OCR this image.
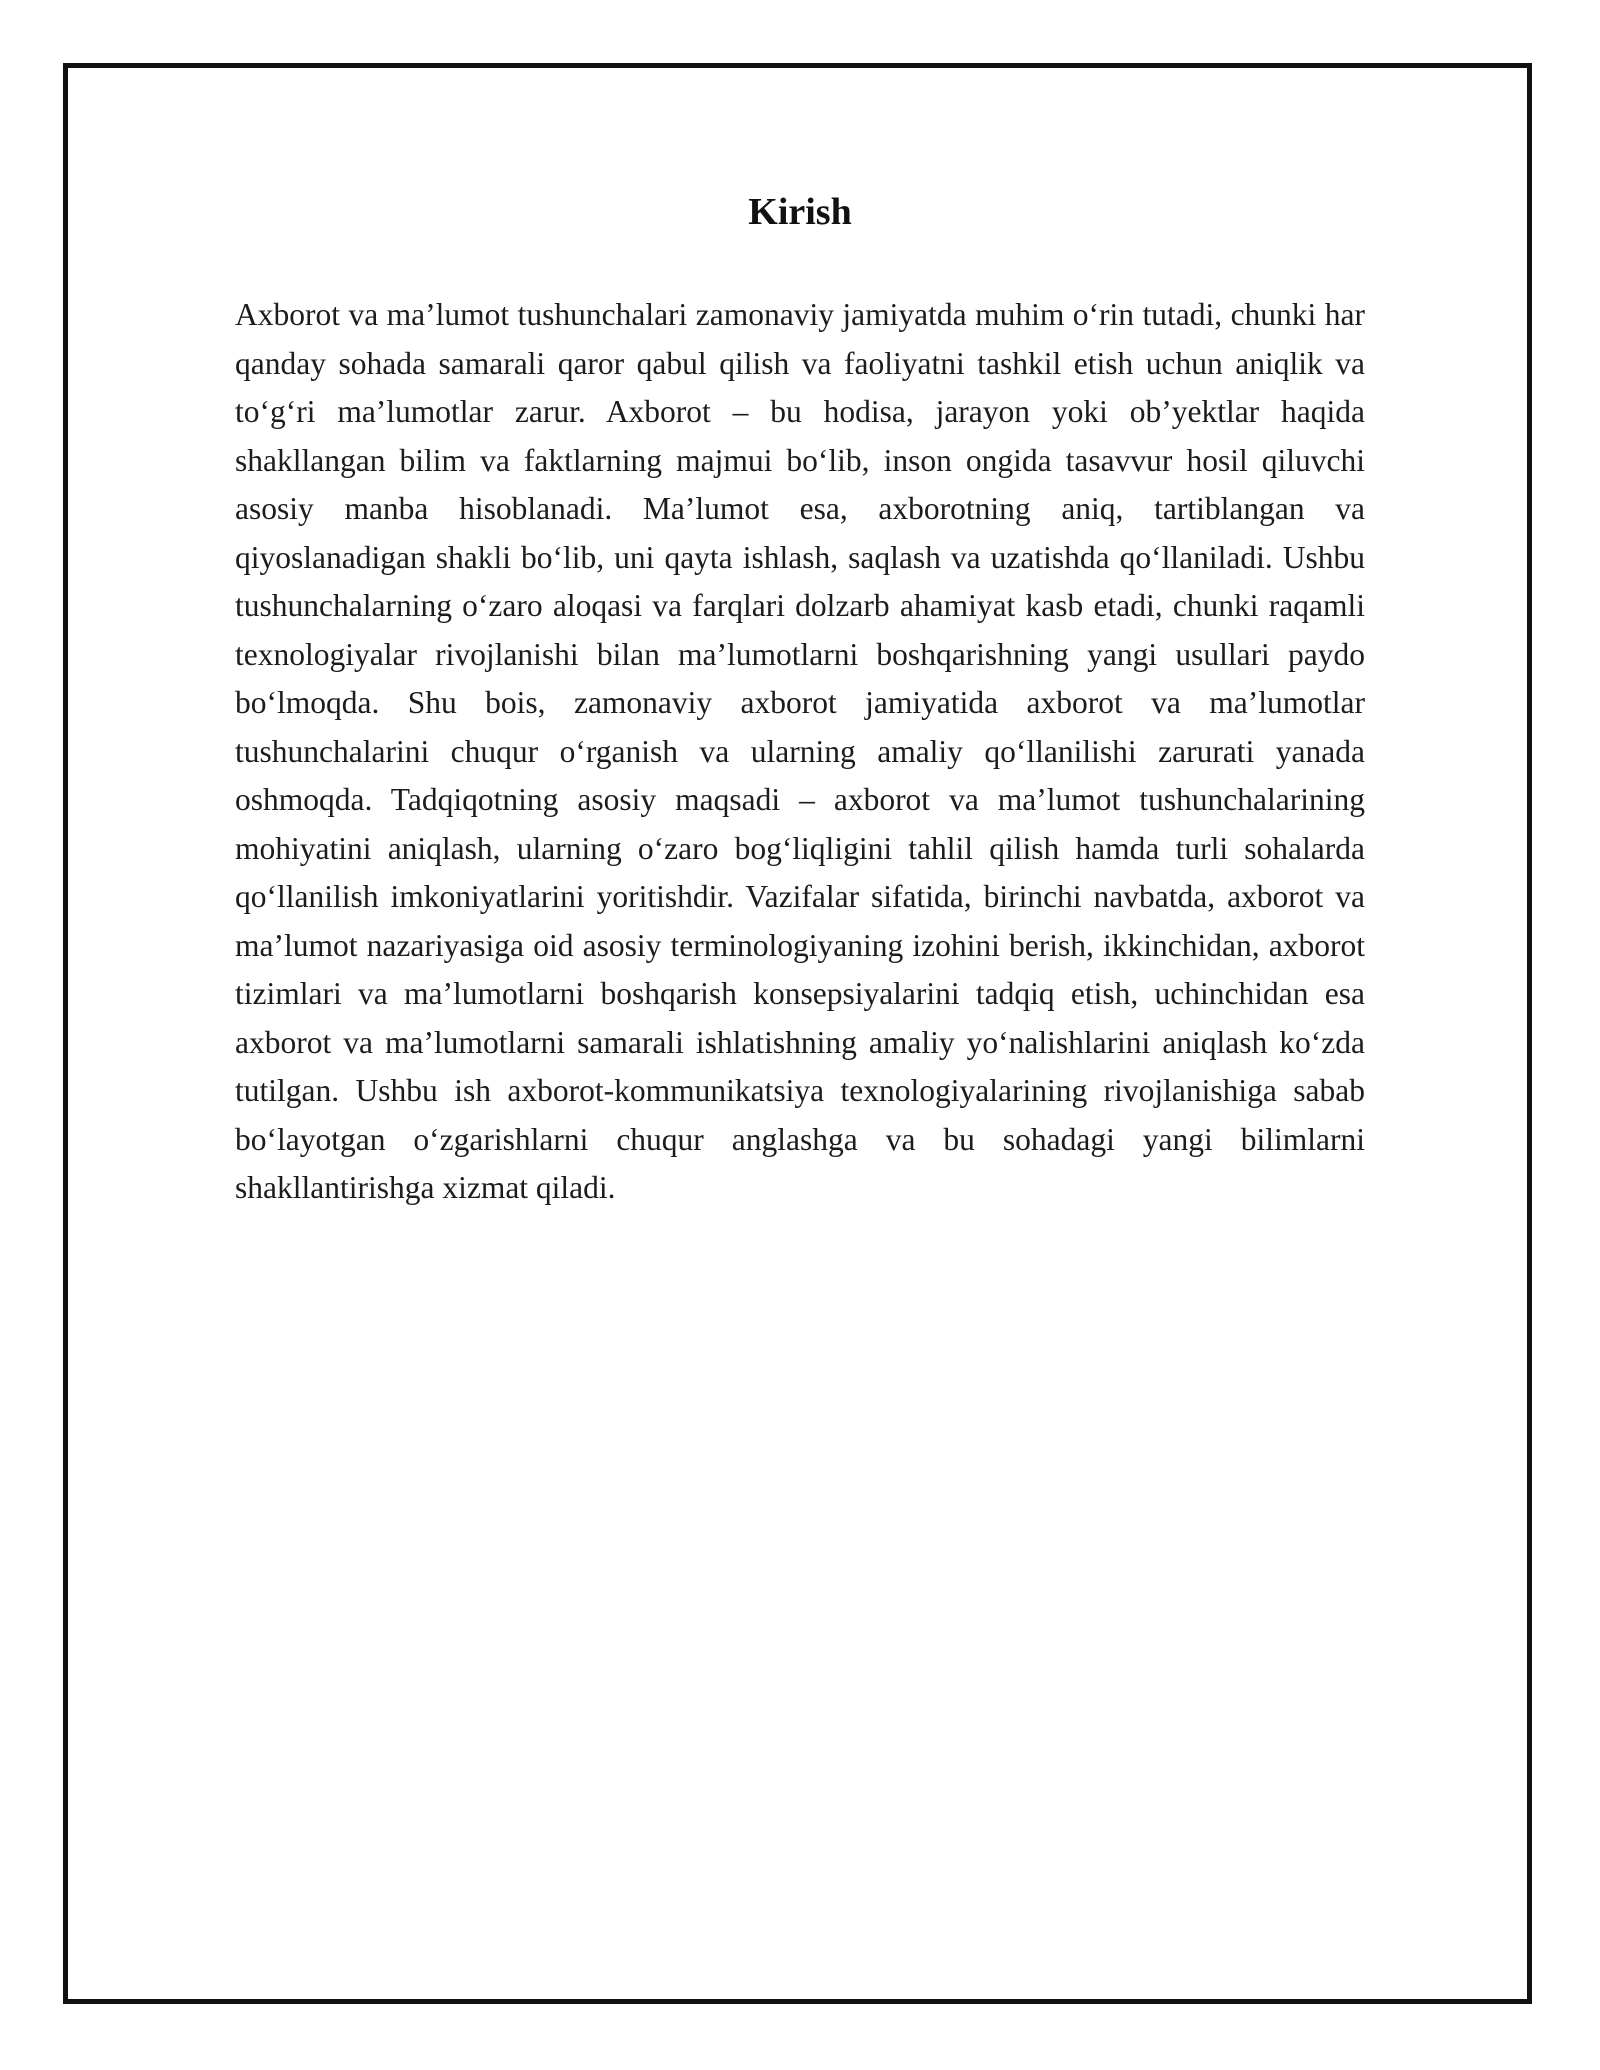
Kirish

Axborot va ma’lumot tushunchalari zamonaviy jamiyatda muhim o‘rin tutadi, chunki har qanday sohada samarali qaror qabul qilish va faoliyatni tashkil etish uchun aniqlik va to‘g‘ri ma’lumotlar zarur. Axborot – bu hodisa, jarayon yoki ob’yektlar haqida shakllangan bilim va faktlarning majmui bo‘lib, inson ongida tasavvur hosil qiluvchi asosiy manba hisoblanadi. Ma’lumot esa, axborotning aniq, tartiblangan va qiyoslanadigan shakli bo‘lib, uni qayta ishlash, saqlash va uzatishda qo‘llaniladi. Ushbu tushunchalarning o‘zaro aloqasi va farqlari dolzarb ahamiyat kasb etadi, chunki raqamli texnologiyalar rivojlanishi bilan ma’lumotlarni boshqarishning yangi usullari paydo bo‘lmoqda. Shu bois, zamonaviy axborot jamiyatida axborot va ma’lumotlar tushunchalarini chuqur o‘rganish va ularning amaliy qo‘llanilishi zarurati yanada oshmoqda. Tadqiqotning asosiy maqsadi – axborot va ma’lumot tushunchalarining mohiyatini aniqlash, ularning o‘zaro bog‘liqligini tahlil qilish hamda turli sohalarda qo‘llanilish imkoniyatlarini yoritishdir. Vazifalar sifatida, birinchi navbatda, axborot va ma’lumot nazariyasiga oid asosiy terminologiyaning izohini berish, ikkinchidan, axborot tizimlari va ma’lumotlarni boshqarish konsepsiyalarini tadqiq etish, uchinchidan esa axborot va ma’lumotlarni samarali ishlatishning amaliy yo‘nalishlarini aniqlash ko‘zda tutilgan. Ushbu ish axborot-kommunikatsiya texnologiyalarining rivojlanishiga sabab bo‘layotgan o‘zgarishlarni chuqur anglashga va bu sohadagi yangi bilimlarni shakllantirishga xizmat qiladi.
